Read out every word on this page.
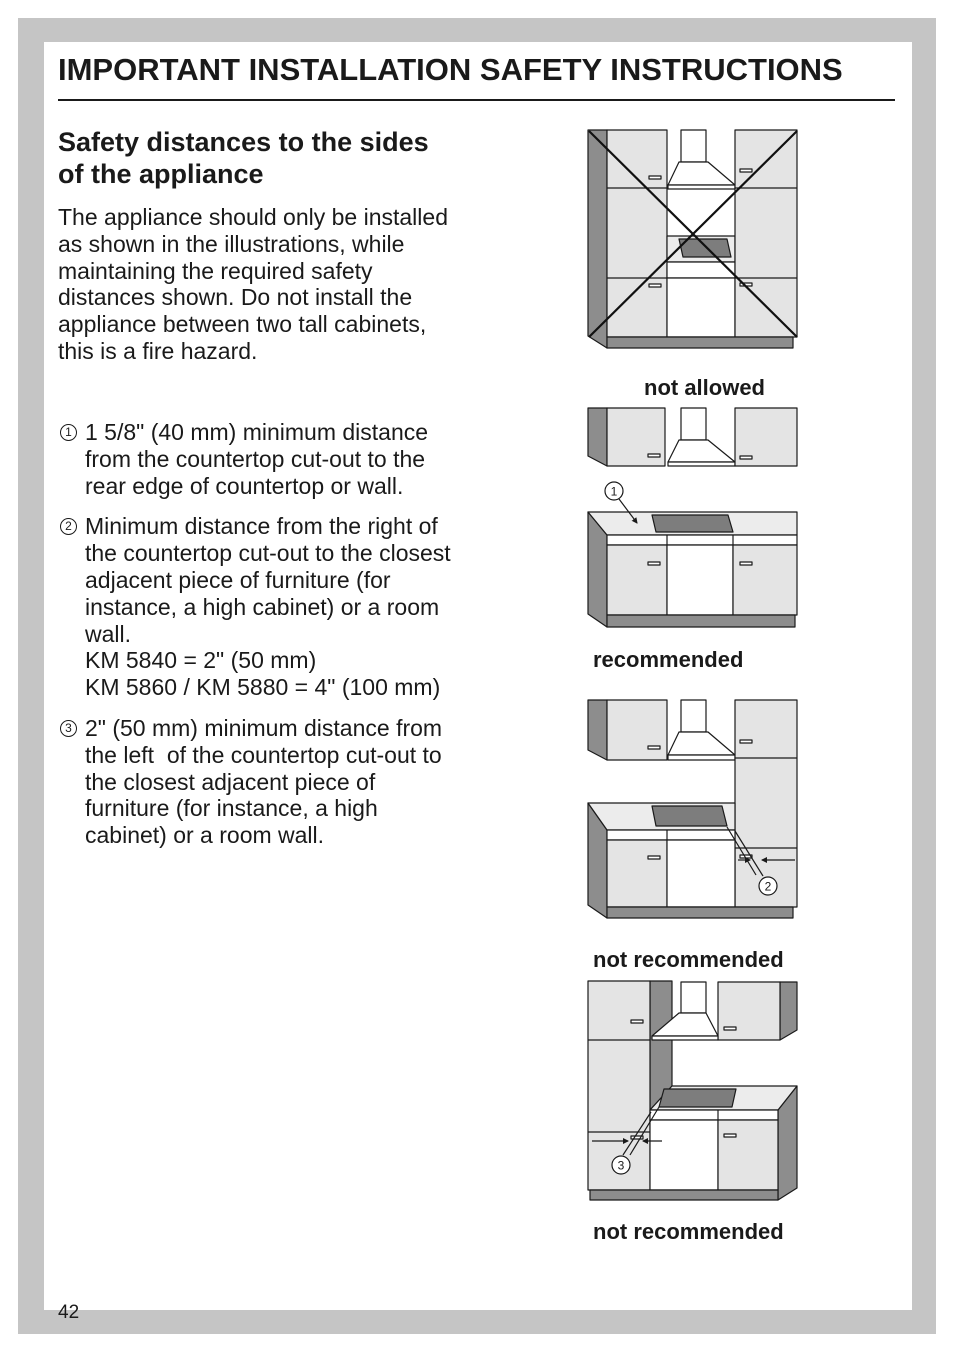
IMPORTANT INSTALLATION SAFETY INSTRUCTIONS
Safety distances to the sides
of the appliance
The appliance should only be installed
as shown in the illustrations, while
maintaining the required safety
distances shown. Do not install the
appliance between two tall cabinets,
this is a fire hazard.
1 1 5/8" (40 mm) minimum distance
from the countertop cut-out to the
rear edge of countertop or wall.
2 Minimum distance from the right of
the countertop cut-out to the closest
adjacent piece of furniture (for
instance, a high cabinet) or a room
wall.
KM 5840 = 2" (50 mm)
KM 5860 / KM 5880 = 4" (100 mm)
3 2" (50 mm) minimum distance from
the left  of the countertop cut-out to
the closest adjacent piece of
furniture (for instance, a high
cabinet) or a room wall.
not allowed
1
recommended
2
not recommended
3
not recommended
42
